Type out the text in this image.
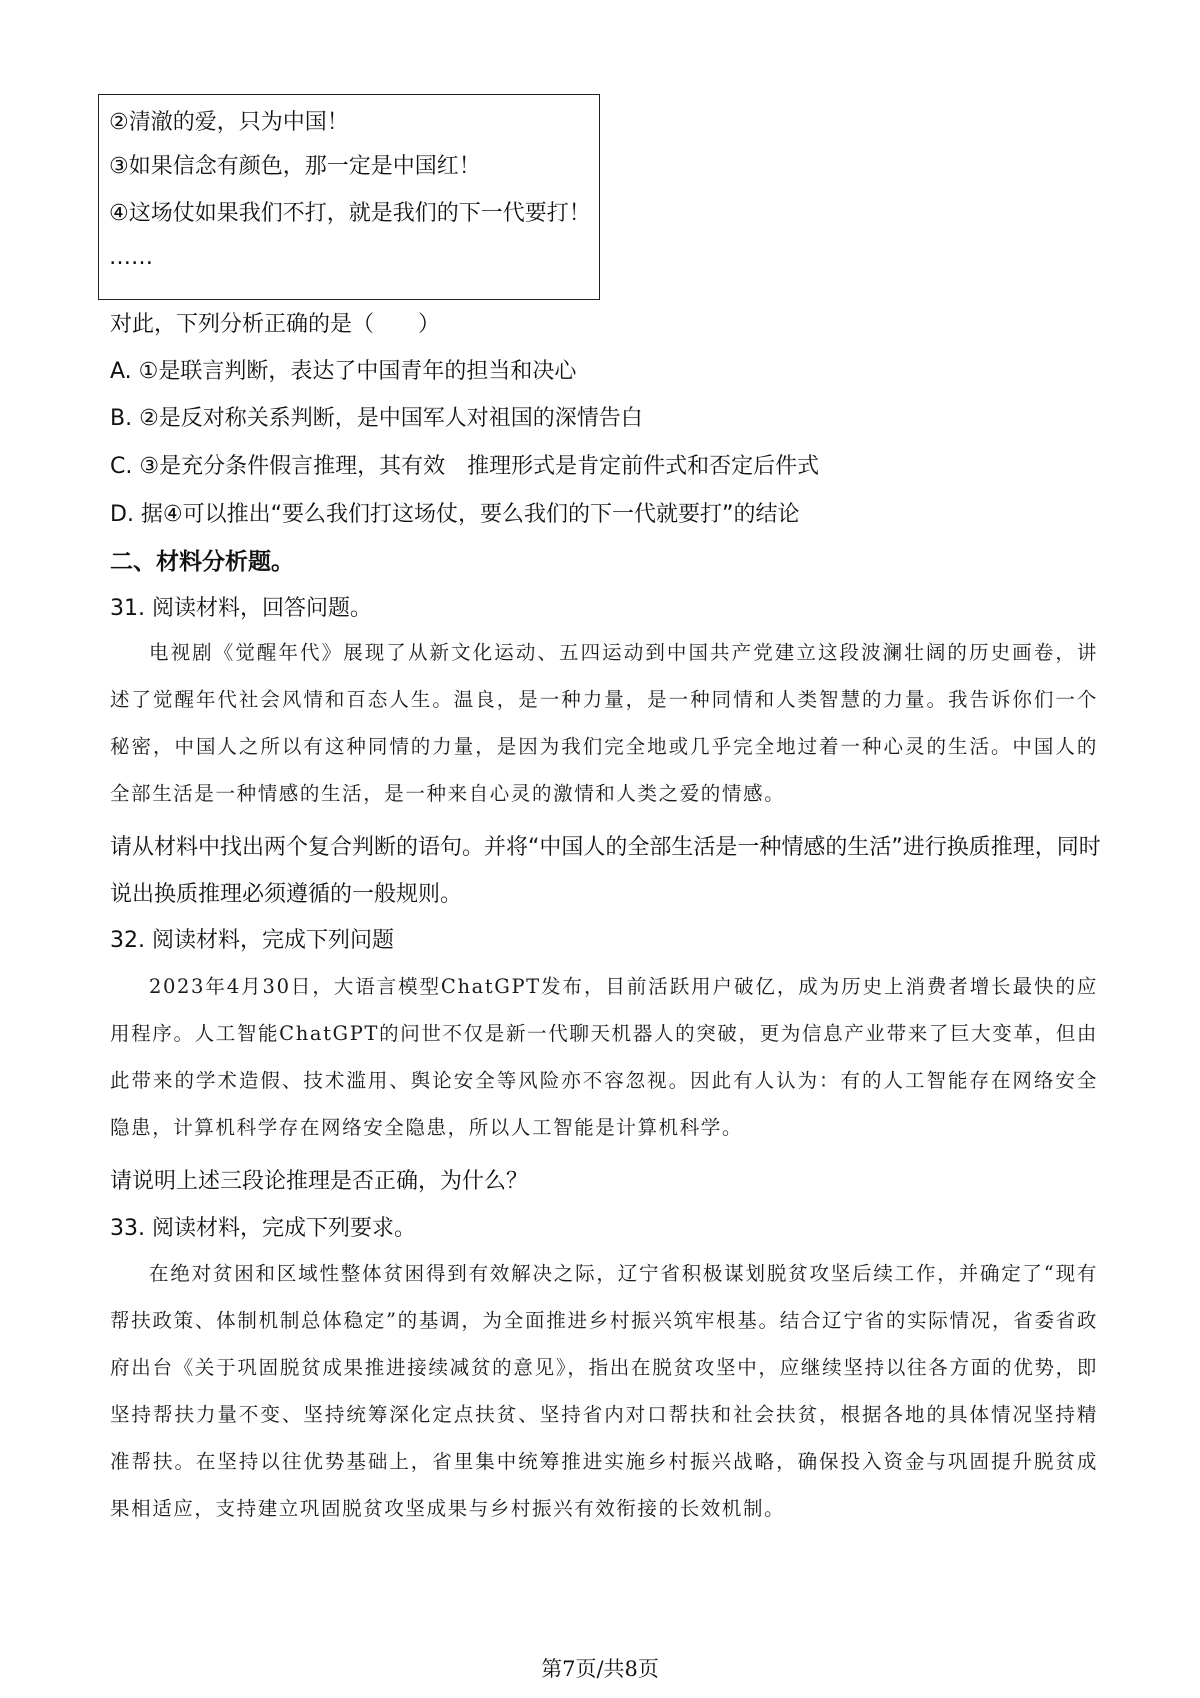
②清澈的爱，只为中国！
③如果信念有颜色，那一定是中国红！
④这场仗如果我们不打，就是我们的下一代要打！
……
对此，下列分析正确的是（　　）
A. ①是联言判断，表达了中国青年的担当和决心
B. ②是反对称关系判断，是中国军人对祖国的深情告白
C. ③是充分条件假言推理，其有效　推理形式是肯定前件式和否定后件式
D. 据④可以推出“要么我们打这场仗，要么我们的下一代就要打”的结论
二、材料分析题。
31. 阅读材料，回答问题。
电视剧《觉醒年代》展现了从新文化运动、五四运动到中国共产党建立这段波澜壮阔的历史画卷，讲述了觉醒年代社会风情和百态人生。温良，是一种力量，是一种同情和人类智慧的力量。我告诉你们一个秘密，中国人之所以有这种同情的力量，是因为我们完全地或几乎完全地过着一种心灵的生活。中国人的全部生活是一种情感的生活，是一种来自心灵的激情和人类之爱的情感。
请从材料中找出两个复合判断的语句。并将“中国人的全部生活是一种情感的生活”进行换质推理，同时
说出换质推理必须遵循的一般规则。
32. 阅读材料，完成下列问题
2023年4月30日，大语言模型ChatGPT发布，目前活跃用户破亿，成为历史上消费者增长最快的应用程序。人工智能ChatGPT的问世不仅是新一代聊天机器人的突破，更为信息产业带来了巨大变革，但由此带来的学术造假、技术滥用、舆论安全等风险亦不容忽视。因此有人认为：有的人工智能存在网络安全隐患，计算机科学存在网络安全隐患，所以人工智能是计算机科学。
请说明上述三段论推理是否正确，为什么？
33. 阅读材料，完成下列要求。
在绝对贫困和区域性整体贫困得到有效解决之际，辽宁省积极谋划脱贫攻坚后续工作，并确定了“现有帮扶政策、体制机制总体稳定”的基调，为全面推进乡村振兴筑牢根基。结合辽宁省的实际情况，省委省政府出台《关于巩固脱贫成果推进接续减贫的意见》，指出在脱贫攻坚中，应继续坚持以往各方面的优势，即坚持帮扶力量不变、坚持统筹深化定点扶贫、坚持省内对口帮扶和社会扶贫，根据各地的具体情况坚持精准帮扶。在坚持以往优势基础上，省里集中统筹推进实施乡村振兴战略，确保投入资金与巩固提升脱贫成果相适应，支持建立巩固脱贫攻坚成果与乡村振兴有效衔接的长效机制。
第7页/共8页
